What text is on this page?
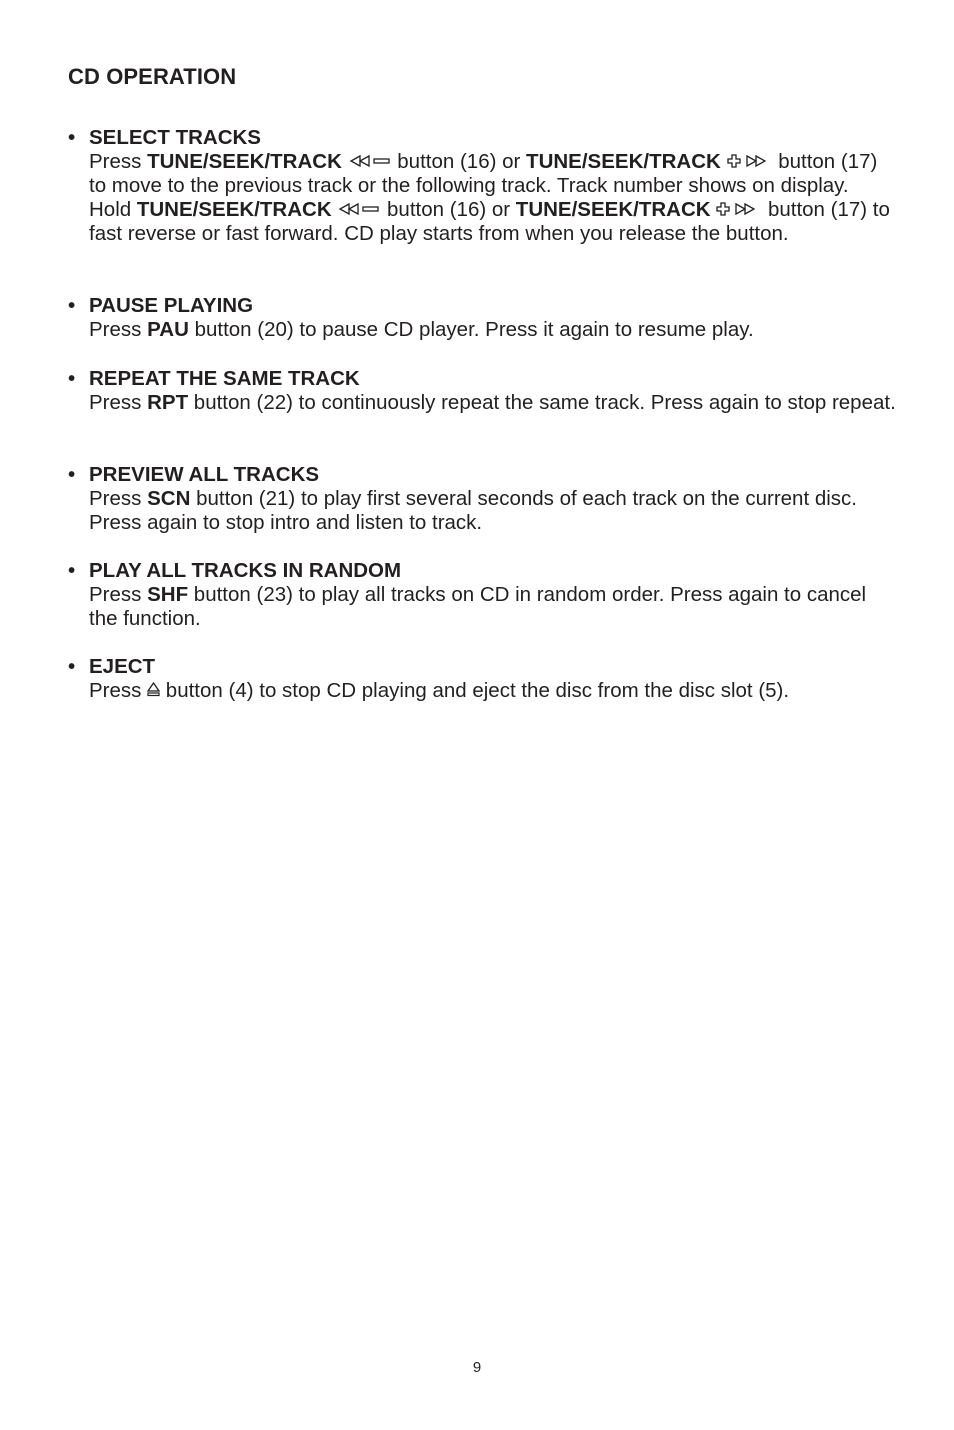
CD OPERATION
• SELECT TRACKS
Press TUNE/SEEK/TRACK
button (16) or TUNE/SEEK/TRACK	button (17) to move to the previous track or the following track. Track number shows on display.
Hold TUNE/SEEK/TRACK
button (16) or TUNE/SEEK/TRACK	button (17) to fast reverse or fast forward. CD play starts from when you release the button.
• PAUSE PLAYING
Press PAU button (20) to pause CD player. Press it again to resume play.
• REPEAT THE SAME TRACK
Press RPT button (22) to continuously repeat the same track. Press again to stop repeat.
• PREVIEW ALL TRACKS
Press SCN button (21) to play first several seconds of each track on the current disc. Press again to stop intro and listen to track.
• PLAY ALL TRACKS IN RANDOM
Press SHF button (23) to play all tracks on CD in random order. Press again to cancel the function.
• EJECT
Press
button (4) to stop CD playing and eject the disc from the disc slot (5).
9
